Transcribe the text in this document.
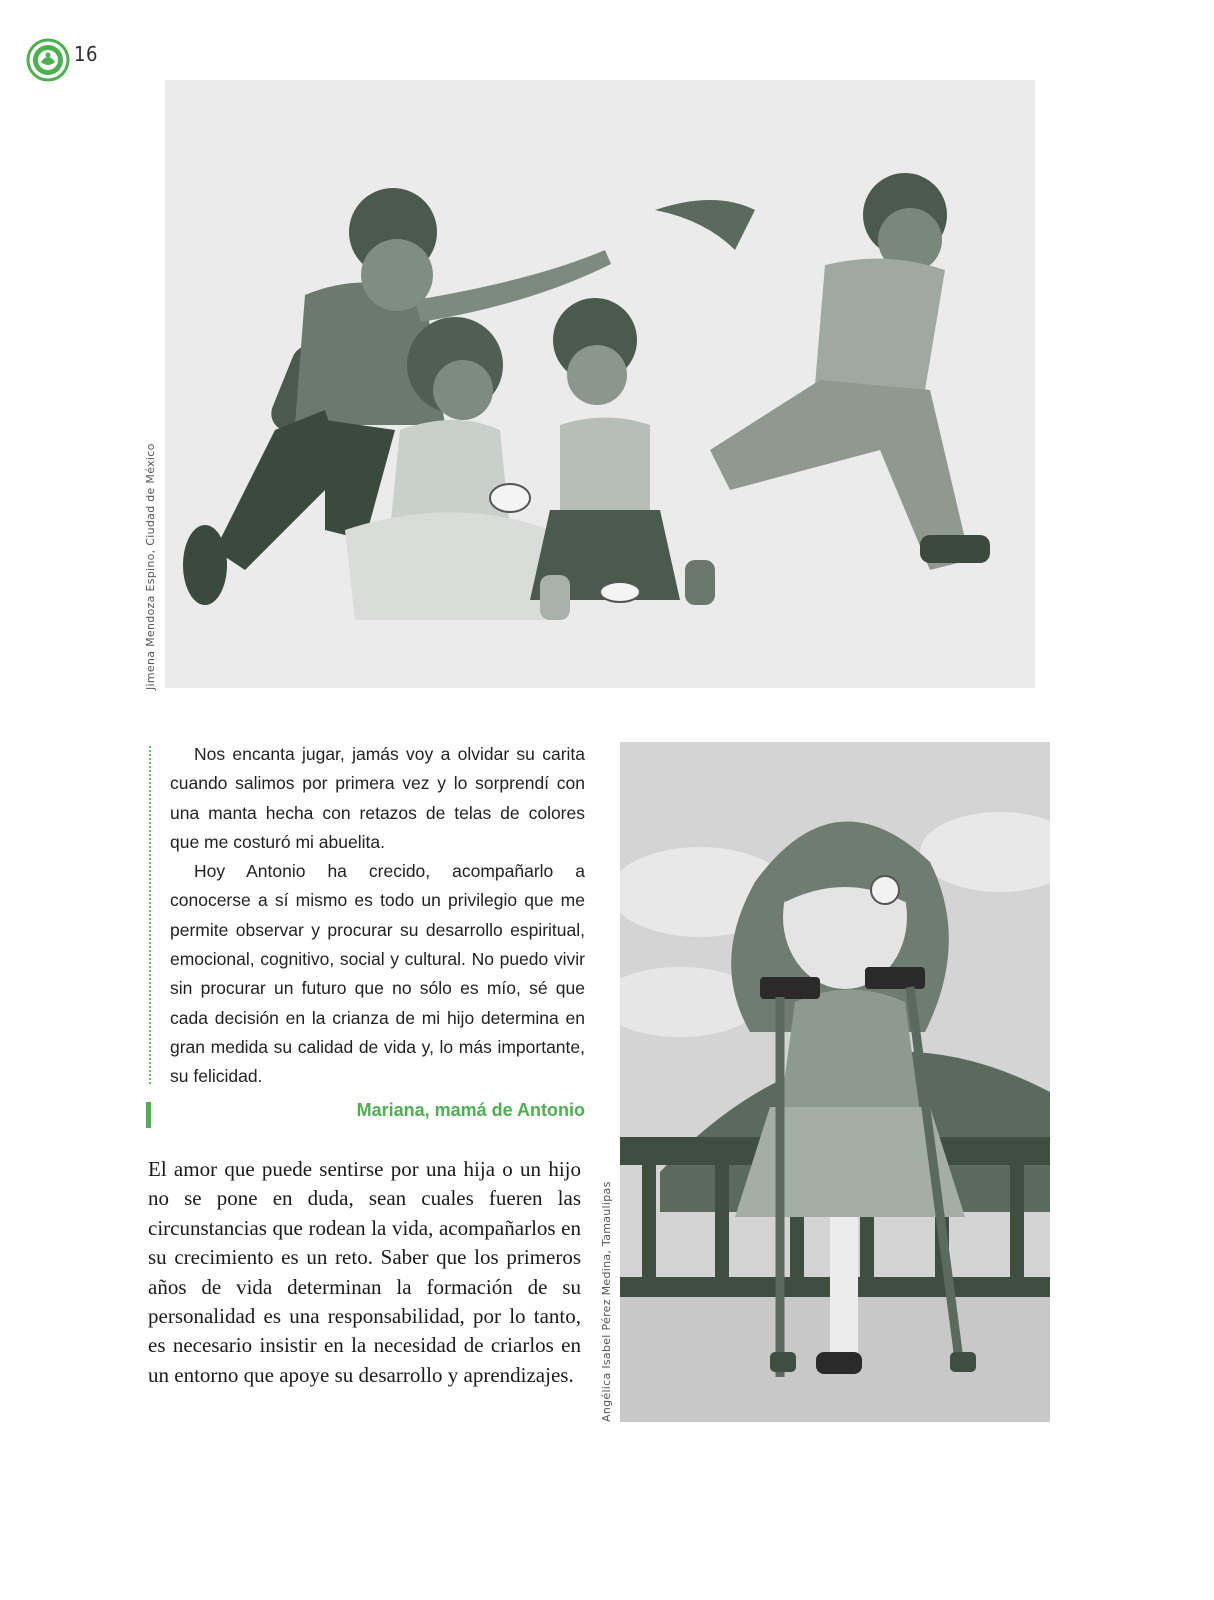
16
Jimena Mendoza Espino, Ciudad de México

Nos encanta jugar, jamás voy a olvidar su carita cuando salimos por primera vez y lo sorprendí con una manta hecha con retazos de telas de colores que me costuró mi abuelita.

Hoy Antonio ha crecido, acompañarlo a conocerse a sí mismo es todo un privilegio que me permite observar y procurar su desarrollo espiritual, emocional, cognitivo, social y cultural. No puedo vivir sin procurar un futuro que no sólo es mío, sé que cada decisión en la crianza de mi hijo determina en gran medida su calidad de vida y, lo más importante, su felicidad.

Mariana, mamá de Antonio

El amor que puede sentirse por una hija o un hijo no se pone en duda, sean cuales fueren las circunstancias que rodean la vida, acompañarlos en su crecimiento es un reto. Saber que los primeros años de vida determinan la formación de su personalidad es una responsabilidad, por lo tanto, es necesario insistir en la necesidad de criarlos en un entorno que apoye su desarrollo y aprendizajes.	Angélica Isabel Pérez Medina, Tamaulipas
